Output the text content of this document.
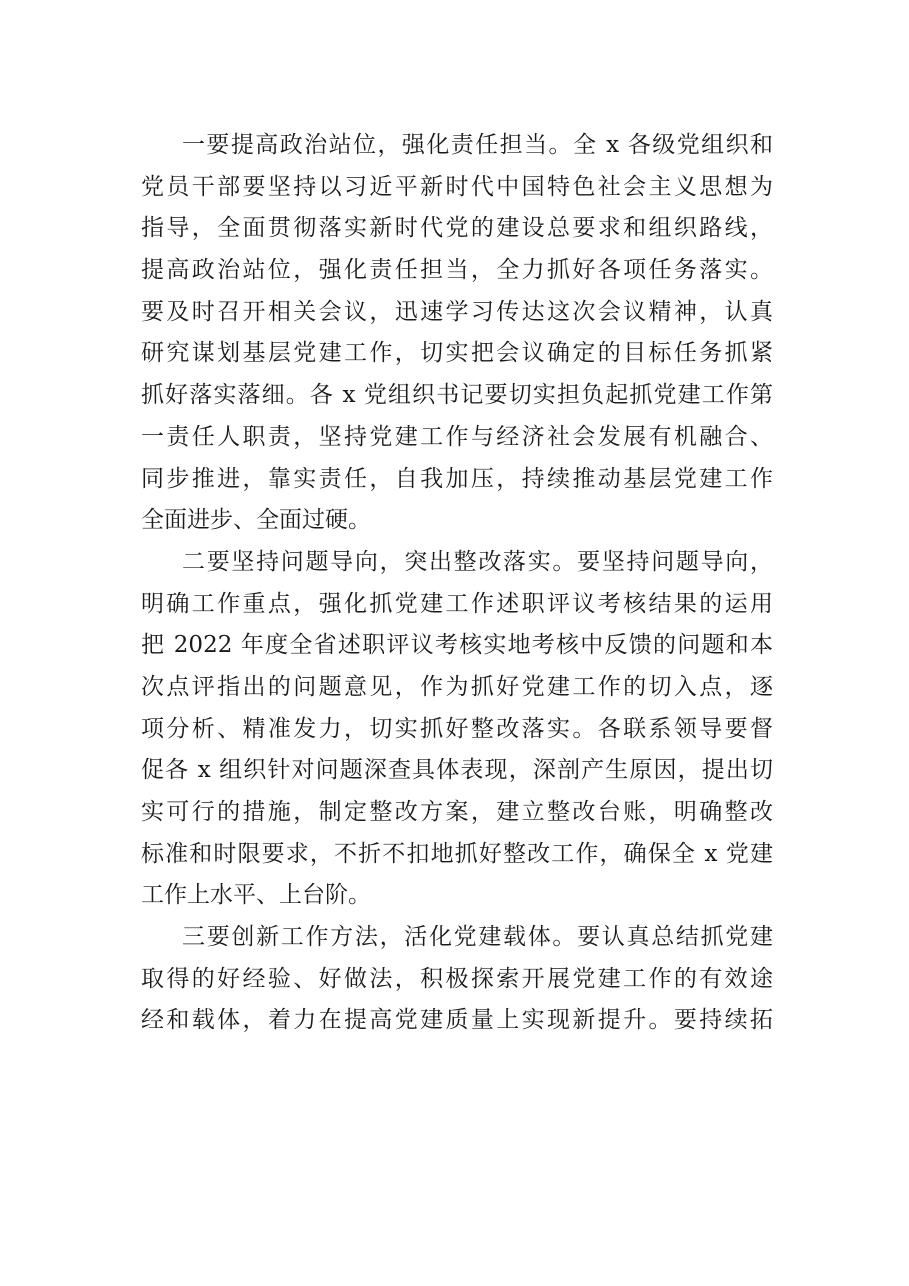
一要提高政治站位，强化责任担当。全 x 各级党组织和
党员干部要坚持以习近平新时代中国特色社会主义思想为
指导，全面贯彻落实新时代党的建设总要求和组织路线，
提高政治站位，强化责任担当，全力抓好各项任务落实。
要及时召开相关会议，迅速学习传达这次会议精神，认真
研究谋划基层党建工作，切实把会议确定的目标任务抓紧
抓好落实落细。各 x 党组织书记要切实担负起抓党建工作第
一责任人职责，坚持党建工作与经济社会发展有机融合、
同步推进，靠实责任，自我加压，持续推动基层党建工作
全面进步、全面过硬。
二要坚持问题导向，突出整改落实。要坚持问题导向，
明确工作重点，强化抓党建工作述职评议考核结果的运用
把 2022 年度全省述职评议考核实地考核中反馈的问题和本
次点评指出的问题意见，作为抓好党建工作的切入点，逐
项分析、精准发力，切实抓好整改落实。各联系领导要督
促各 x 组织针对问题深查具体表现，深剖产生原因，提出切
实可行的措施，制定整改方案，建立整改台账，明确整改
标准和时限要求，不折不扣地抓好整改工作，确保全 x 党建
工作上水平、上台阶。
三要创新工作方法，活化党建载体。要认真总结抓党建
取得的好经验、好做法，积极探索开展党建工作的有效途
经和载体，着力在提高党建质量上实现新提升。要持续拓
